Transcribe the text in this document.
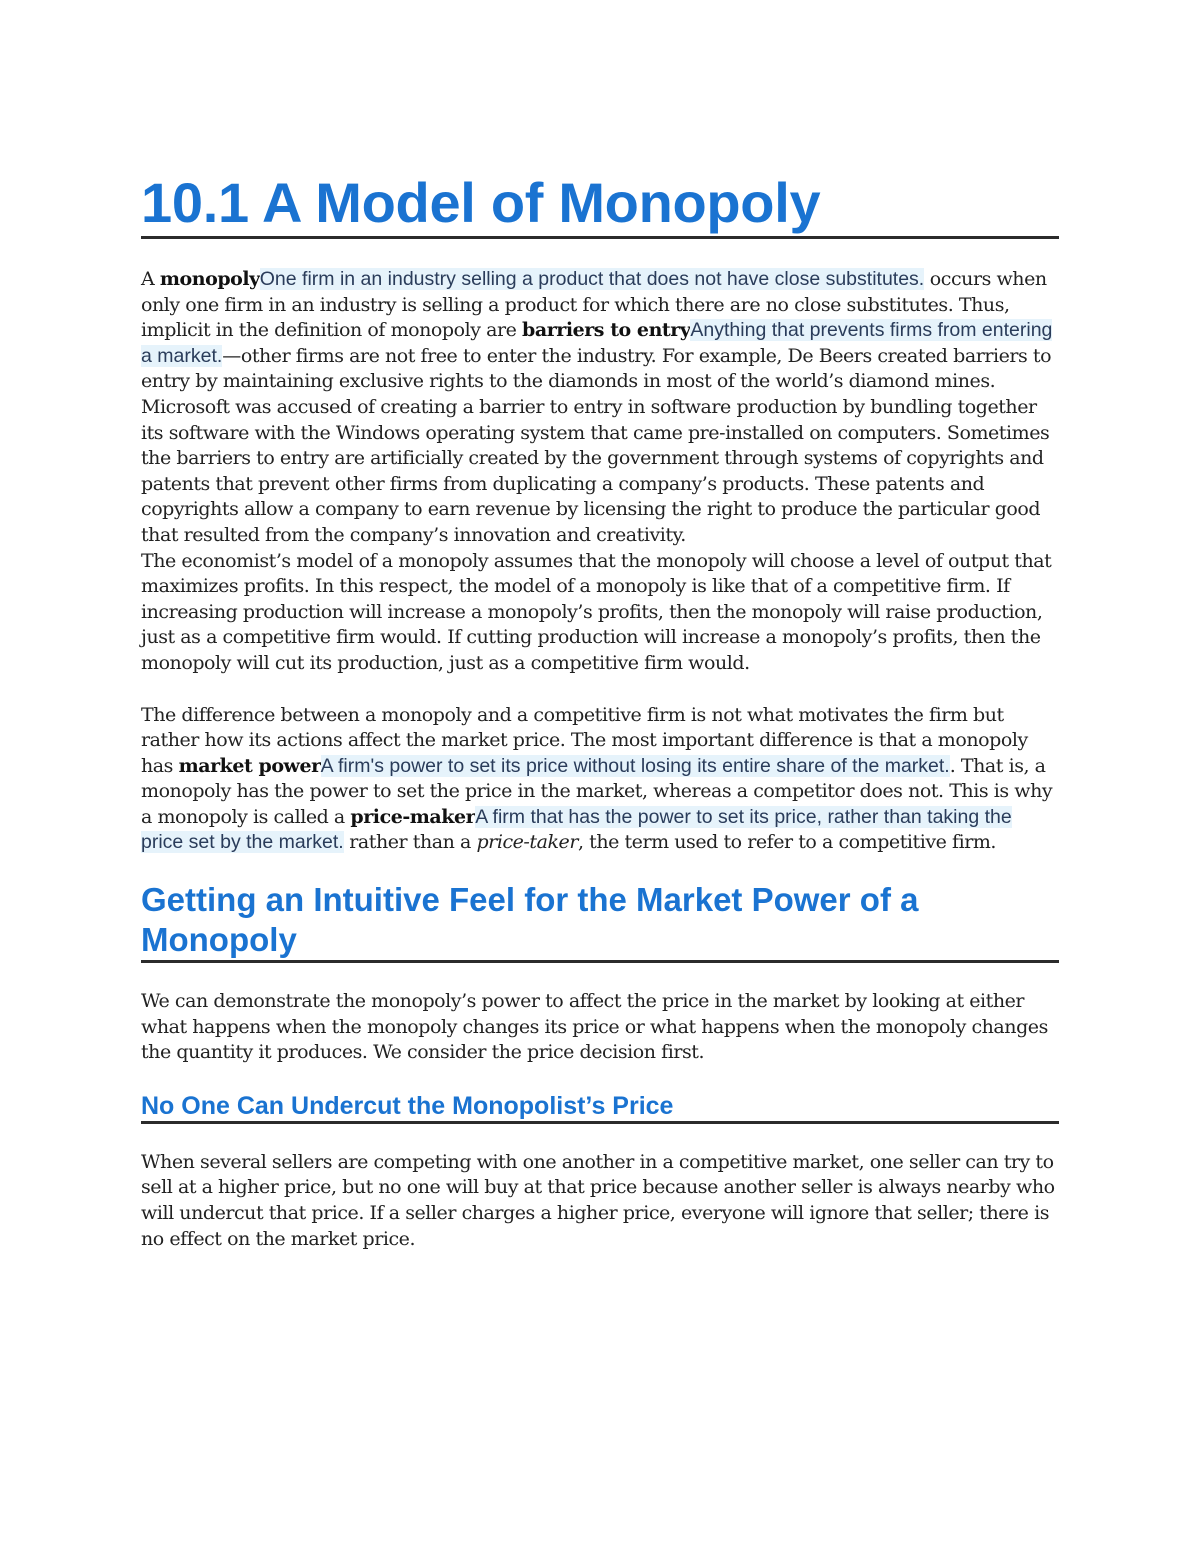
10.1 A Model of Monopoly

A monopolyOne firm in an industry selling a product that does not have close substitutes. occurs when only one firm in an industry is selling a product for which there are no close substitutes. Thus, implicit in the definition of monopoly are barriers to entryAnything that prevents firms from entering a market.—other firms are not free to enter the industry. For example, De Beers created barriers to entry by maintaining exclusive rights to the diamonds in most of the world’s diamond mines. Microsoft was accused of creating a barrier to entry in software production by bundling together its software with the Windows operating system that came pre-installed on computers. Sometimes the barriers to entry are artificially created by the government through systems of copyrights and patents that prevent other firms from duplicating a company’s products. These patents and copyrights allow a company to earn revenue by licensing the right to produce the particular good that resulted from the company’s innovation and creativity.

The economist’s model of a monopoly assumes that the monopoly will choose a level of output that maximizes profits. In this respect, the model of a monopoly is like that of a competitive firm. If increasing production will increase a monopoly’s profits, then the monopoly will raise production, just as a competitive firm would. If cutting production will increase a monopoly’s profits, then the monopoly will cut its production, just as a competitive firm would.

The difference between a monopoly and a competitive firm is not what motivates the firm but rather how its actions affect the market price. The most important difference is that a monopoly has market powerA firm's power to set its price without losing its entire share of the market.. That is, a monopoly has the power to set the price in the market, whereas a competitor does not. This is why a monopoly is called a price-makerA firm that has the power to set its price, rather than taking the price set by the market. rather than a price-taker, the term used to refer to a competitive firm.

Getting an Intuitive Feel for the Market Power of a Monopoly

We can demonstrate the monopoly’s power to affect the price in the market by looking at either what happens when the monopoly changes its price or what happens when the monopoly changes the quantity it produces. We consider the price decision first.

No One Can Undercut the Monopolist’s Price

When several sellers are competing with one another in a competitive market, one seller can try to sell at a higher price, but no one will buy at that price because another seller is always nearby who will undercut that price. If a seller charges a higher price, everyone will ignore that seller; there is no effect on the market price.
